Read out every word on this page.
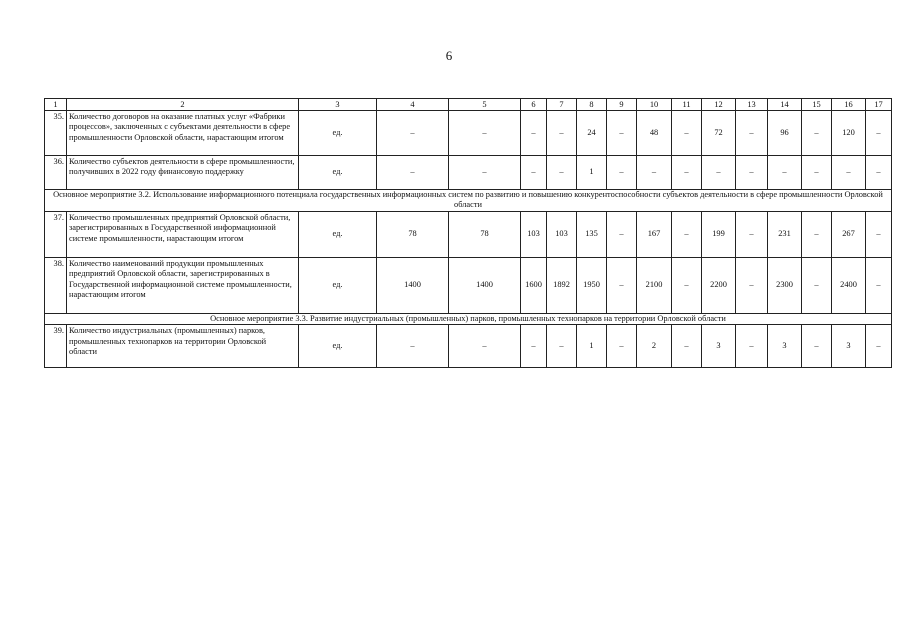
6
1	2	3	4	5	6	7	8	9	10	11	12	13	14	15	16	17
35.	Количество договоров на оказание платных услуг «Фабрики процессов», заключенных с субъектами деятельности в сфере промышленности Орловской области, нарастающим итогом	ед.	–	–	–	–	24	–	48	–	72	–	96	–	120	–
36.	Количество субъектов деятельности в сфере промышленности, получивших в 2022 году финансовую поддержку	ед.	–	–	–	–	1	–	–	–	–	–	–	–	–	–
Основное мероприятие 3.2. Использование информационного потенциала государственных информационных систем по развитию и повышению конкурентоспособности субъектов деятельности в сфере промышленности Орловской области																
37.	Количество промышленных предприятий Орловской области, зарегистрированных в Государственной информационной системе промышленности, нарастающим итогом	ед.	78	78	103	103	135	–	167	–	199	–	231	–	267	–
38.	Количество наименований продукции промышленных предприятий Орловской области, зарегистрированных в Государственной информационной системе промышленности, нарастающим итогом	ед.	1400	1400	1600	1892	1950	–	2100	–	2200	–	2300	–	2400	–
Основное мероприятие 3.3. Развитие индустриальных (промышленных) парков, промышленных технопарков на территории Орловской области																
39.	Количество индустриальных (промышленных) парков, промышленных технопарков на территории Орловской области	ед.	–	–	–	–	1	–	2	–	3	–	3	–	3	–
